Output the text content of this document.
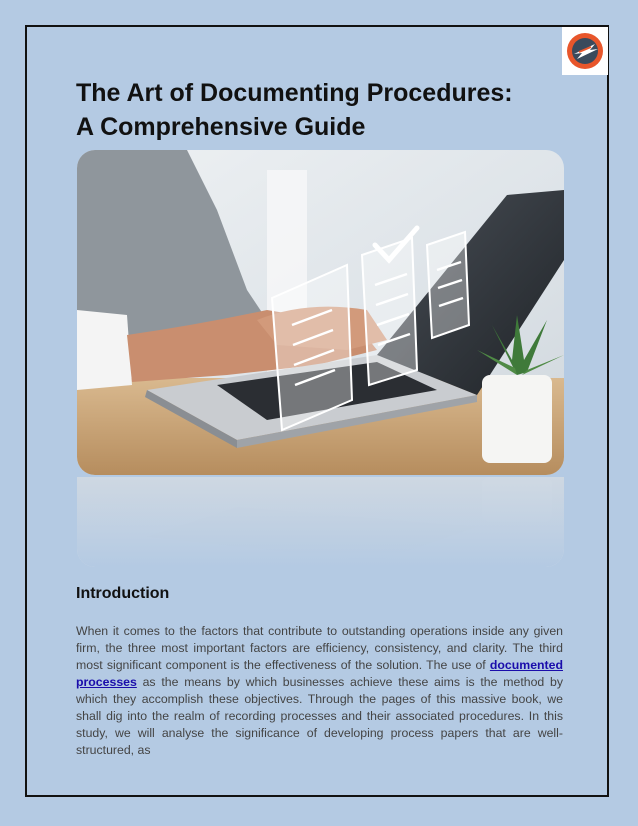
The Art of Documenting Procedures:
A Comprehensive Guide
Introduction

When it comes to the factors that contribute to outstanding operations inside any given firm, the three most important factors are efficiency, consistency, and clarity. The third most significant component is the effectiveness of the solution. The use of documented processes as the means by which businesses achieve these aims is the method by which they accomplish these objectives. Through the pages of this massive book, we shall dig into the realm of recording processes and their associated procedures. In this study, we will analyse the significance of developing process papers that are well-structured, as
